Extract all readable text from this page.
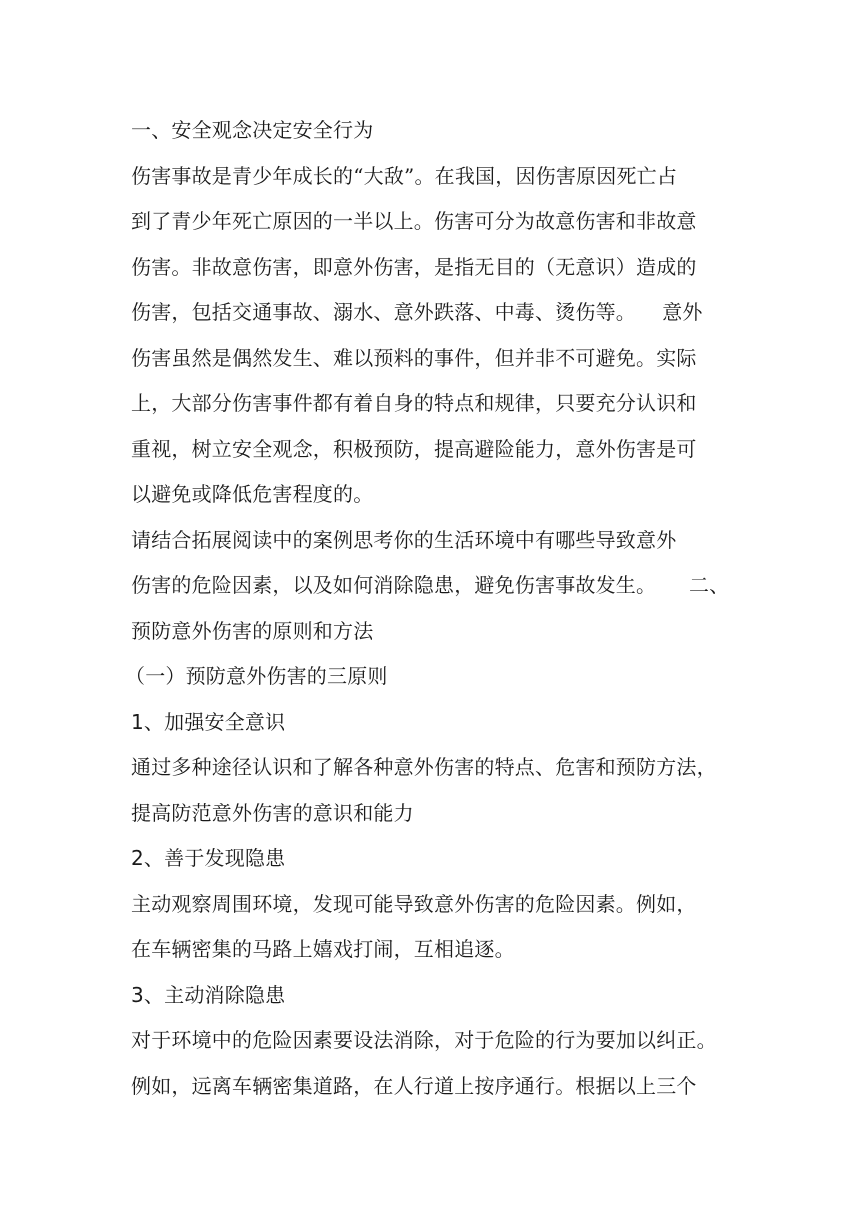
一、安全观念决定安全行为
伤害事故是青少年成长的“大敌”。在我国，因伤害原因死亡占
到了青少年死亡原因的一半以上。伤害可分为故意伤害和非故意
伤害。非故意伤害，即意外伤害，是指无目的（无意识）造成的
伤害，包括交通事故、溺水、意外跌落、中毒、烫伤等。    意外
伤害虽然是偶然发生、难以预料的事件，但并非不可避免。实际
上，大部分伤害事件都有着自身的特点和规律，只要充分认识和
重视，树立安全观念，积极预防，提高避险能力，意外伤害是可
以避免或降低危害程度的。
请结合拓展阅读中的案例思考你的生活环境中有哪些导致意外
伤害的危险因素，以及如何消除隐患，避免伤害事故发生。     二、
预防意外伤害的原则和方法
（一）预防意外伤害的三原则
1、加强安全意识
通过多种途径认识和了解各种意外伤害的特点、危害和预防方法，
提高防范意外伤害的意识和能力
2、善于发现隐患
主动观察周围环境，发现可能导致意外伤害的危险因素。例如，
在车辆密集的马路上嬉戏打闹，互相追逐。
3、主动消除隐患
对于环境中的危险因素要设法消除，对于危险的行为要加以纠正。
例如，远离车辆密集道路，在人行道上按序通行。根据以上三个
